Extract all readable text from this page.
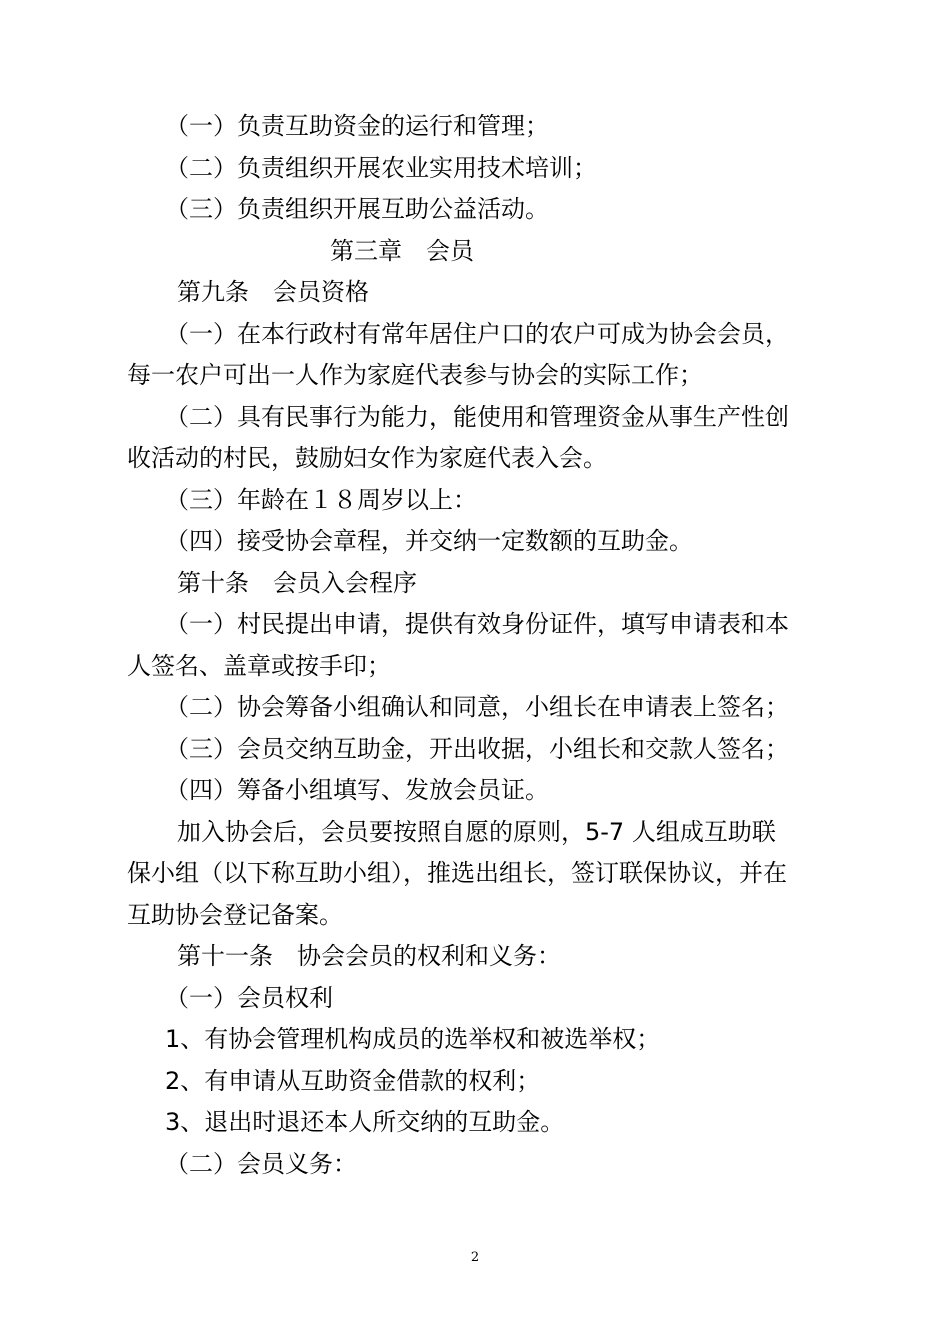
（一）负责互助资金的运行和管理；
（二）负责组织开展农业实用技术培训；
（三）负责组织开展互助公益活动。
第三章　会员
第九条　会员资格
（一）在本行政村有常年居住户口的农户可成为协会会员，
每一农户可出一人作为家庭代表参与协会的实际工作；
（二）具有民事行为能力，能使用和管理资金从事生产性创
收活动的村民，鼓励妇女作为家庭代表入会。
（三）年龄在１８周岁以上：
（四）接受协会章程，并交纳一定数额的互助金。
第十条　会员入会程序
（一）村民提出申请，提供有效身份证件，填写申请表和本
人签名、盖章或按手印；
（二）协会筹备小组确认和同意，小组长在申请表上签名；
（三）会员交纳互助金，开出收据，小组长和交款人签名；
（四）筹备小组填写、发放会员证。
加入协会后，会员要按照自愿的原则，5-7 人组成互助联
保小组（以下称互助小组），推选出组长，签订联保协议，并在
互助协会登记备案。
第十一条　协会会员的权利和义务：
（一）会员权利
1、有协会管理机构成员的选举权和被选举权；
2、有申请从互助资金借款的权利；
3、退出时退还本人所交纳的互助金。
（二）会员义务：
2
